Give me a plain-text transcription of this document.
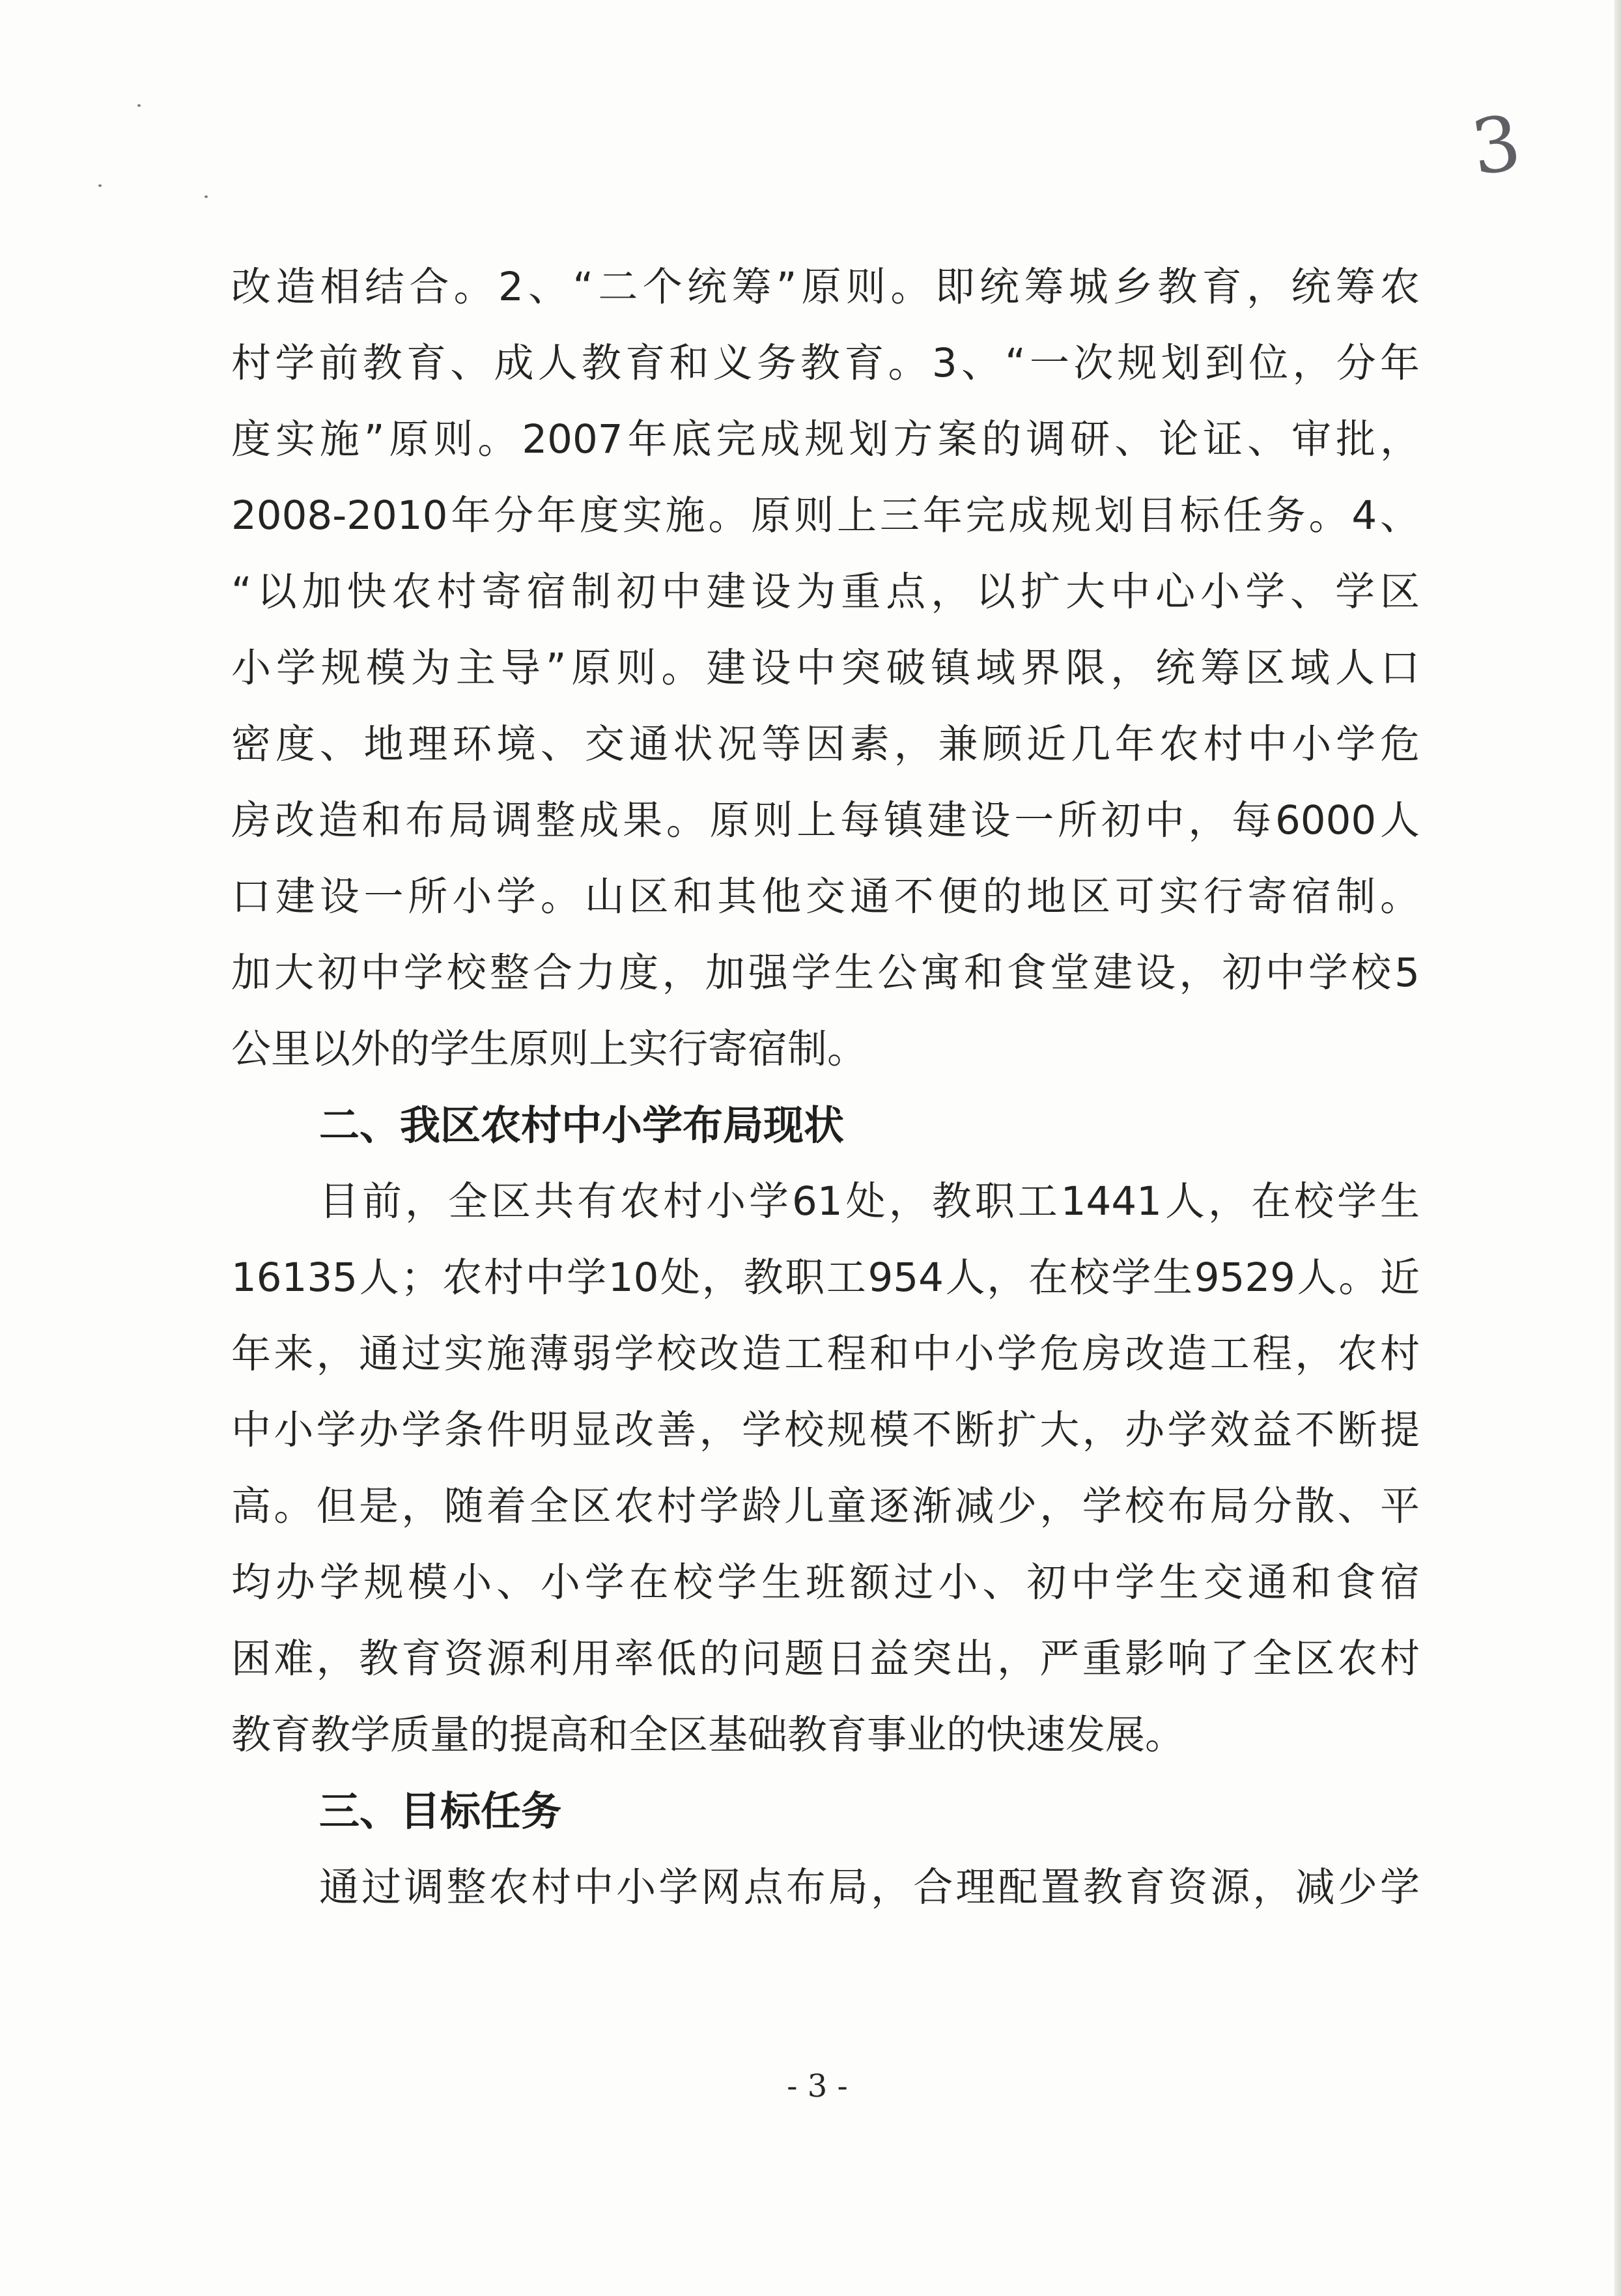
3
改造相结合。2、“二个统筹”原则。即统筹城乡教育，统筹农
村学前教育、成人教育和义务教育。3、“一次规划到位，分年
度实施”原则。2007年底完成规划方案的调研、论证、审批，
2008-2010年分年度实施。原则上三年完成规划目标任务。4、
“以加快农村寄宿制初中建设为重点，以扩大中心小学、学区
小学规模为主导”原则。建设中突破镇域界限，统筹区域人口
密度、地理环境、交通状况等因素，兼顾近几年农村中小学危
房改造和布局调整成果。原则上每镇建设一所初中，每6000人
口建设一所小学。山区和其他交通不便的地区可实行寄宿制。
加大初中学校整合力度，加强学生公寓和食堂建设，初中学校5
公里以外的学生原则上实行寄宿制。
二、我区农村中小学布局现状
目前，全区共有农村小学61处，教职工1441人，在校学生
16135人；农村中学10处，教职工954人，在校学生9529人。近
年来，通过实施薄弱学校改造工程和中小学危房改造工程，农村
中小学办学条件明显改善，学校规模不断扩大，办学效益不断提
高。但是，随着全区农村学龄儿童逐渐减少，学校布局分散、平
均办学规模小、小学在校学生班额过小、初中学生交通和食宿
困难，教育资源利用率低的问题日益突出，严重影响了全区农村
教育教学质量的提高和全区基础教育事业的快速发展。
三、目标任务
通过调整农村中小学网点布局，合理配置教育资源，减少学
- 3 -
